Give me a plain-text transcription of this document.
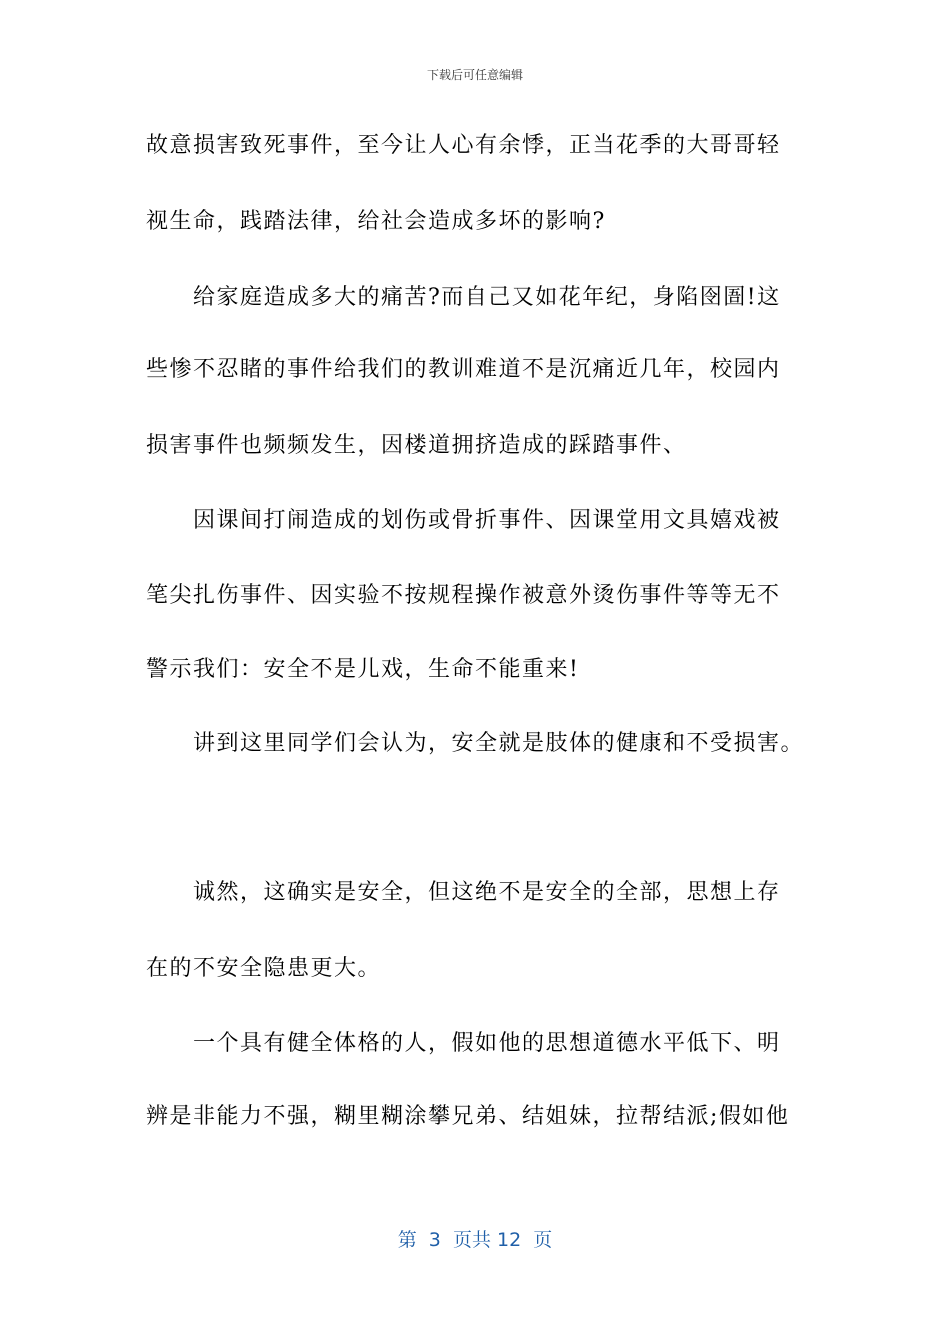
下载后可任意编辑
故意损害致死事件，至今让人心有余悸，正当花季的大哥哥轻
视生命，践踏法律，给社会造成多坏的影响?
给家庭造成多大的痛苦?而自己又如花年纪，身陷囹圄!这
些惨不忍睹的事件给我们的教训难道不是沉痛近几年，校园内
损害事件也频频发生，因楼道拥挤造成的踩踏事件、
因课间打闹造成的划伤或骨折事件、因课堂用文具嬉戏被
笔尖扎伤事件、因实验不按规程操作被意外烫伤事件等等无不
警示我们：安全不是儿戏，生命不能重来!
讲到这里同学们会认为，安全就是肢体的健康和不受损害。
诚然，这确实是安全，但这绝不是安全的全部，思想上存
在的不安全隐患更大。
一个具有健全体格的人，假如他的思想道德水平低下、明
辨是非能力不强，糊里糊涂攀兄弟、结姐妹，拉帮结派;假如他
第  3  页共 12  页
